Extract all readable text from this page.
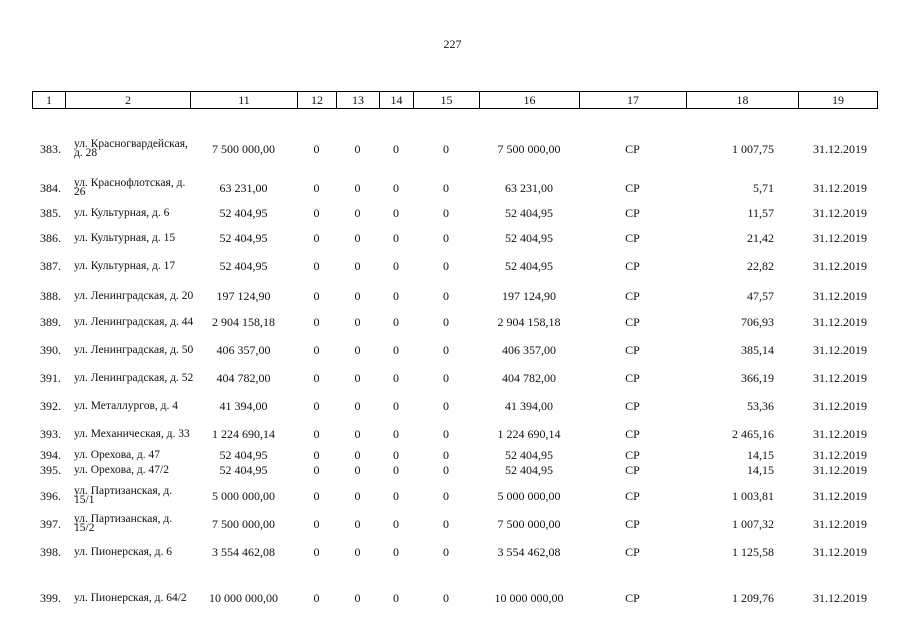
227
1	2	11	12	13	14	15	16	17	18	19
383. ул. Красногвардейская, д. 28	7 500 000,00	0	0	0	0	7 500 000,00	СР	1 007,75	31.12.2019
384. ул. Краснофлотская, д. 26	63 231,00	0	0	0	0	63 231,00	СР	5,71	31.12.2019
385. ул. Культурная, д. 6	52 404,95	0	0	0	0	52 404,95	СР	11,57	31.12.2019
386. ул. Культурная, д. 15	52 404,95	0	0	0	0	52 404,95	СР	21,42	31.12.2019
387. ул. Культурная, д. 17	52 404,95	0	0	0	0	52 404,95	СР	22,82	31.12.2019
388. ул. Ленинградская, д. 20	197 124,90	0	0	0	0	197 124,90	СР	47,57	31.12.2019
389. ул. Ленинградская, д. 44	2 904 158,18	0	0	0	0	2 904 158,18	СР	706,93	31.12.2019
390. ул. Ленинградская, д. 50	406 357,00	0	0	0	0	406 357,00	СР	385,14	31.12.2019
391. ул. Ленинградская, д. 52	404 782,00	0	0	0	0	404 782,00	СР	366,19	31.12.2019
392. ул. Металлургов, д. 4	41 394,00	0	0	0	0	41 394,00	СР	53,36	31.12.2019
393. ул. Механическая, д. 33	1 224 690,14	0	0	0	0	1 224 690,14	СР	2 465,16	31.12.2019
394. ул. Орехова, д. 47	52 404,95	0	0	0	0	52 404,95	СР	14,15	31.12.2019
395. ул. Орехова, д. 47/2	52 404,95	0	0	0	0	52 404,95	СР	14,15	31.12.2019
396. ул. Партизанская, д. 15/1	5 000 000,00	0	0	0	0	5 000 000,00	СР	1 003,81	31.12.2019
397. ул. Партизанская, д. 15/2	7 500 000,00	0	0	0	0	7 500 000,00	СР	1 007,32	31.12.2019
398. ул. Пионерская, д. 6	3 554 462,08	0	0	0	0	3 554 462,08	СР	1 125,58	31.12.2019
399. ул. Пионерская, д. 64/2	10 000 000,00	0	0	0	0	10 000 000,00	СР	1 209,76	31.12.2019
